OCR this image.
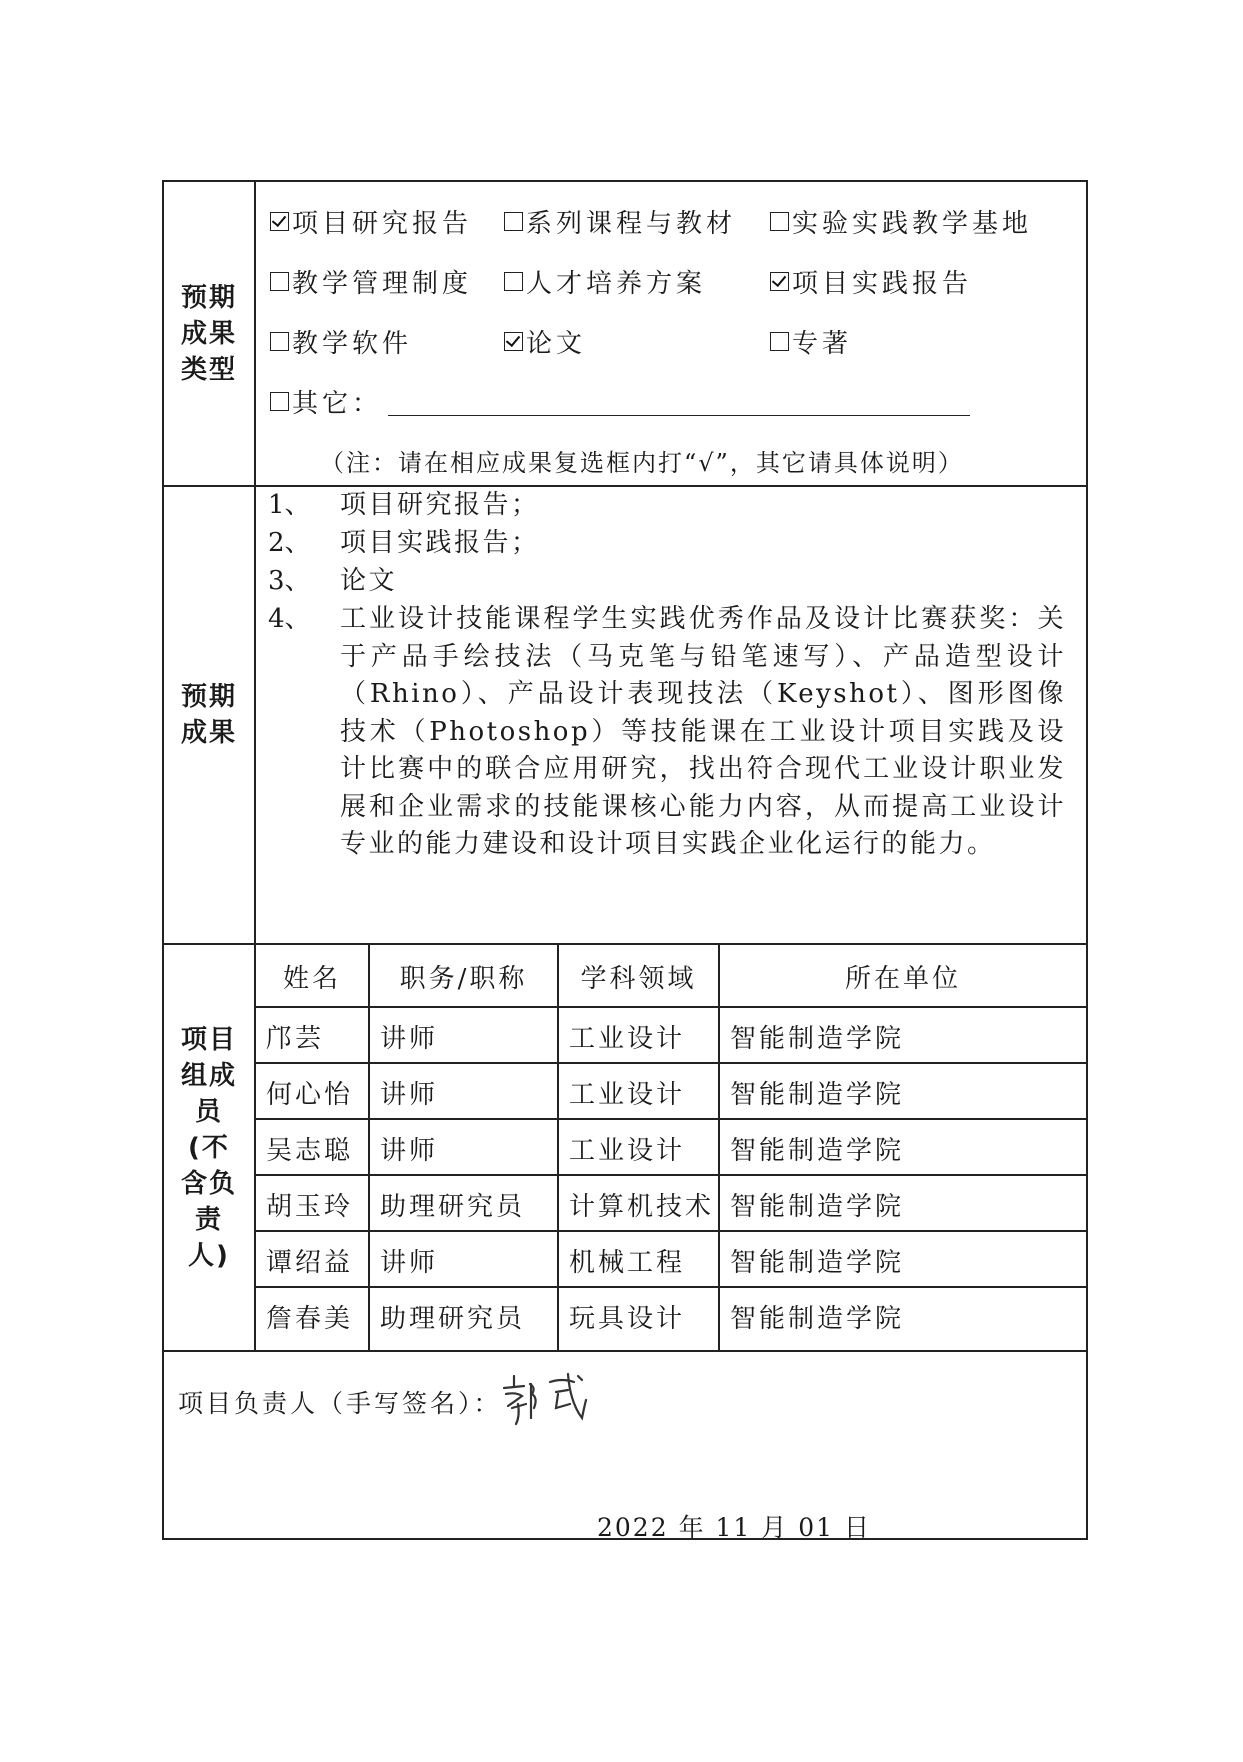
预期成果类型
项目研究报告 系列课程与教材 实验实践教学基地
教学管理制度 人才培养方案	项目实践报告
教学软件	论文	专著
其它：
（注：请在相应成果复选框内打“√”，其它请具体说明）
预期成果
1、	项目研究报告；
2、	项目实践报告；
3、	论文
4、	工业设计技能课程学生实践优秀作品及设计比赛获奖：关于产品手绘技法（马克笔与铅笔速写）、产品造型设计（Rhino）、产品设计表现技法（Keyshot）、图形图像技术（Photoshop）等技能课在工业设计项目实践及设计比赛中的联合应用研究，找出符合现代工业设计职业发展和企业需求的技能课核心能力内容，从而提高工业设计专业的能力建设和设计项目实践企业化运行的能力。
项目组成员(不含负责人)
姓名	职务/职称	学科领域	所在单位
邝芸	讲师	工业设计	智能制造学院
何心怡	讲师	工业设计	智能制造学院
吴志聪	讲师	工业设计	智能制造学院
胡玉玲	助理研究员	计算机技术 智能制造学院
谭绍益	讲师	机械工程	智能制造学院
詹春美	助理研究员	玩具设计	智能制造学院
项目负责人（手写签名）：
2022 年 11 月 01 日
